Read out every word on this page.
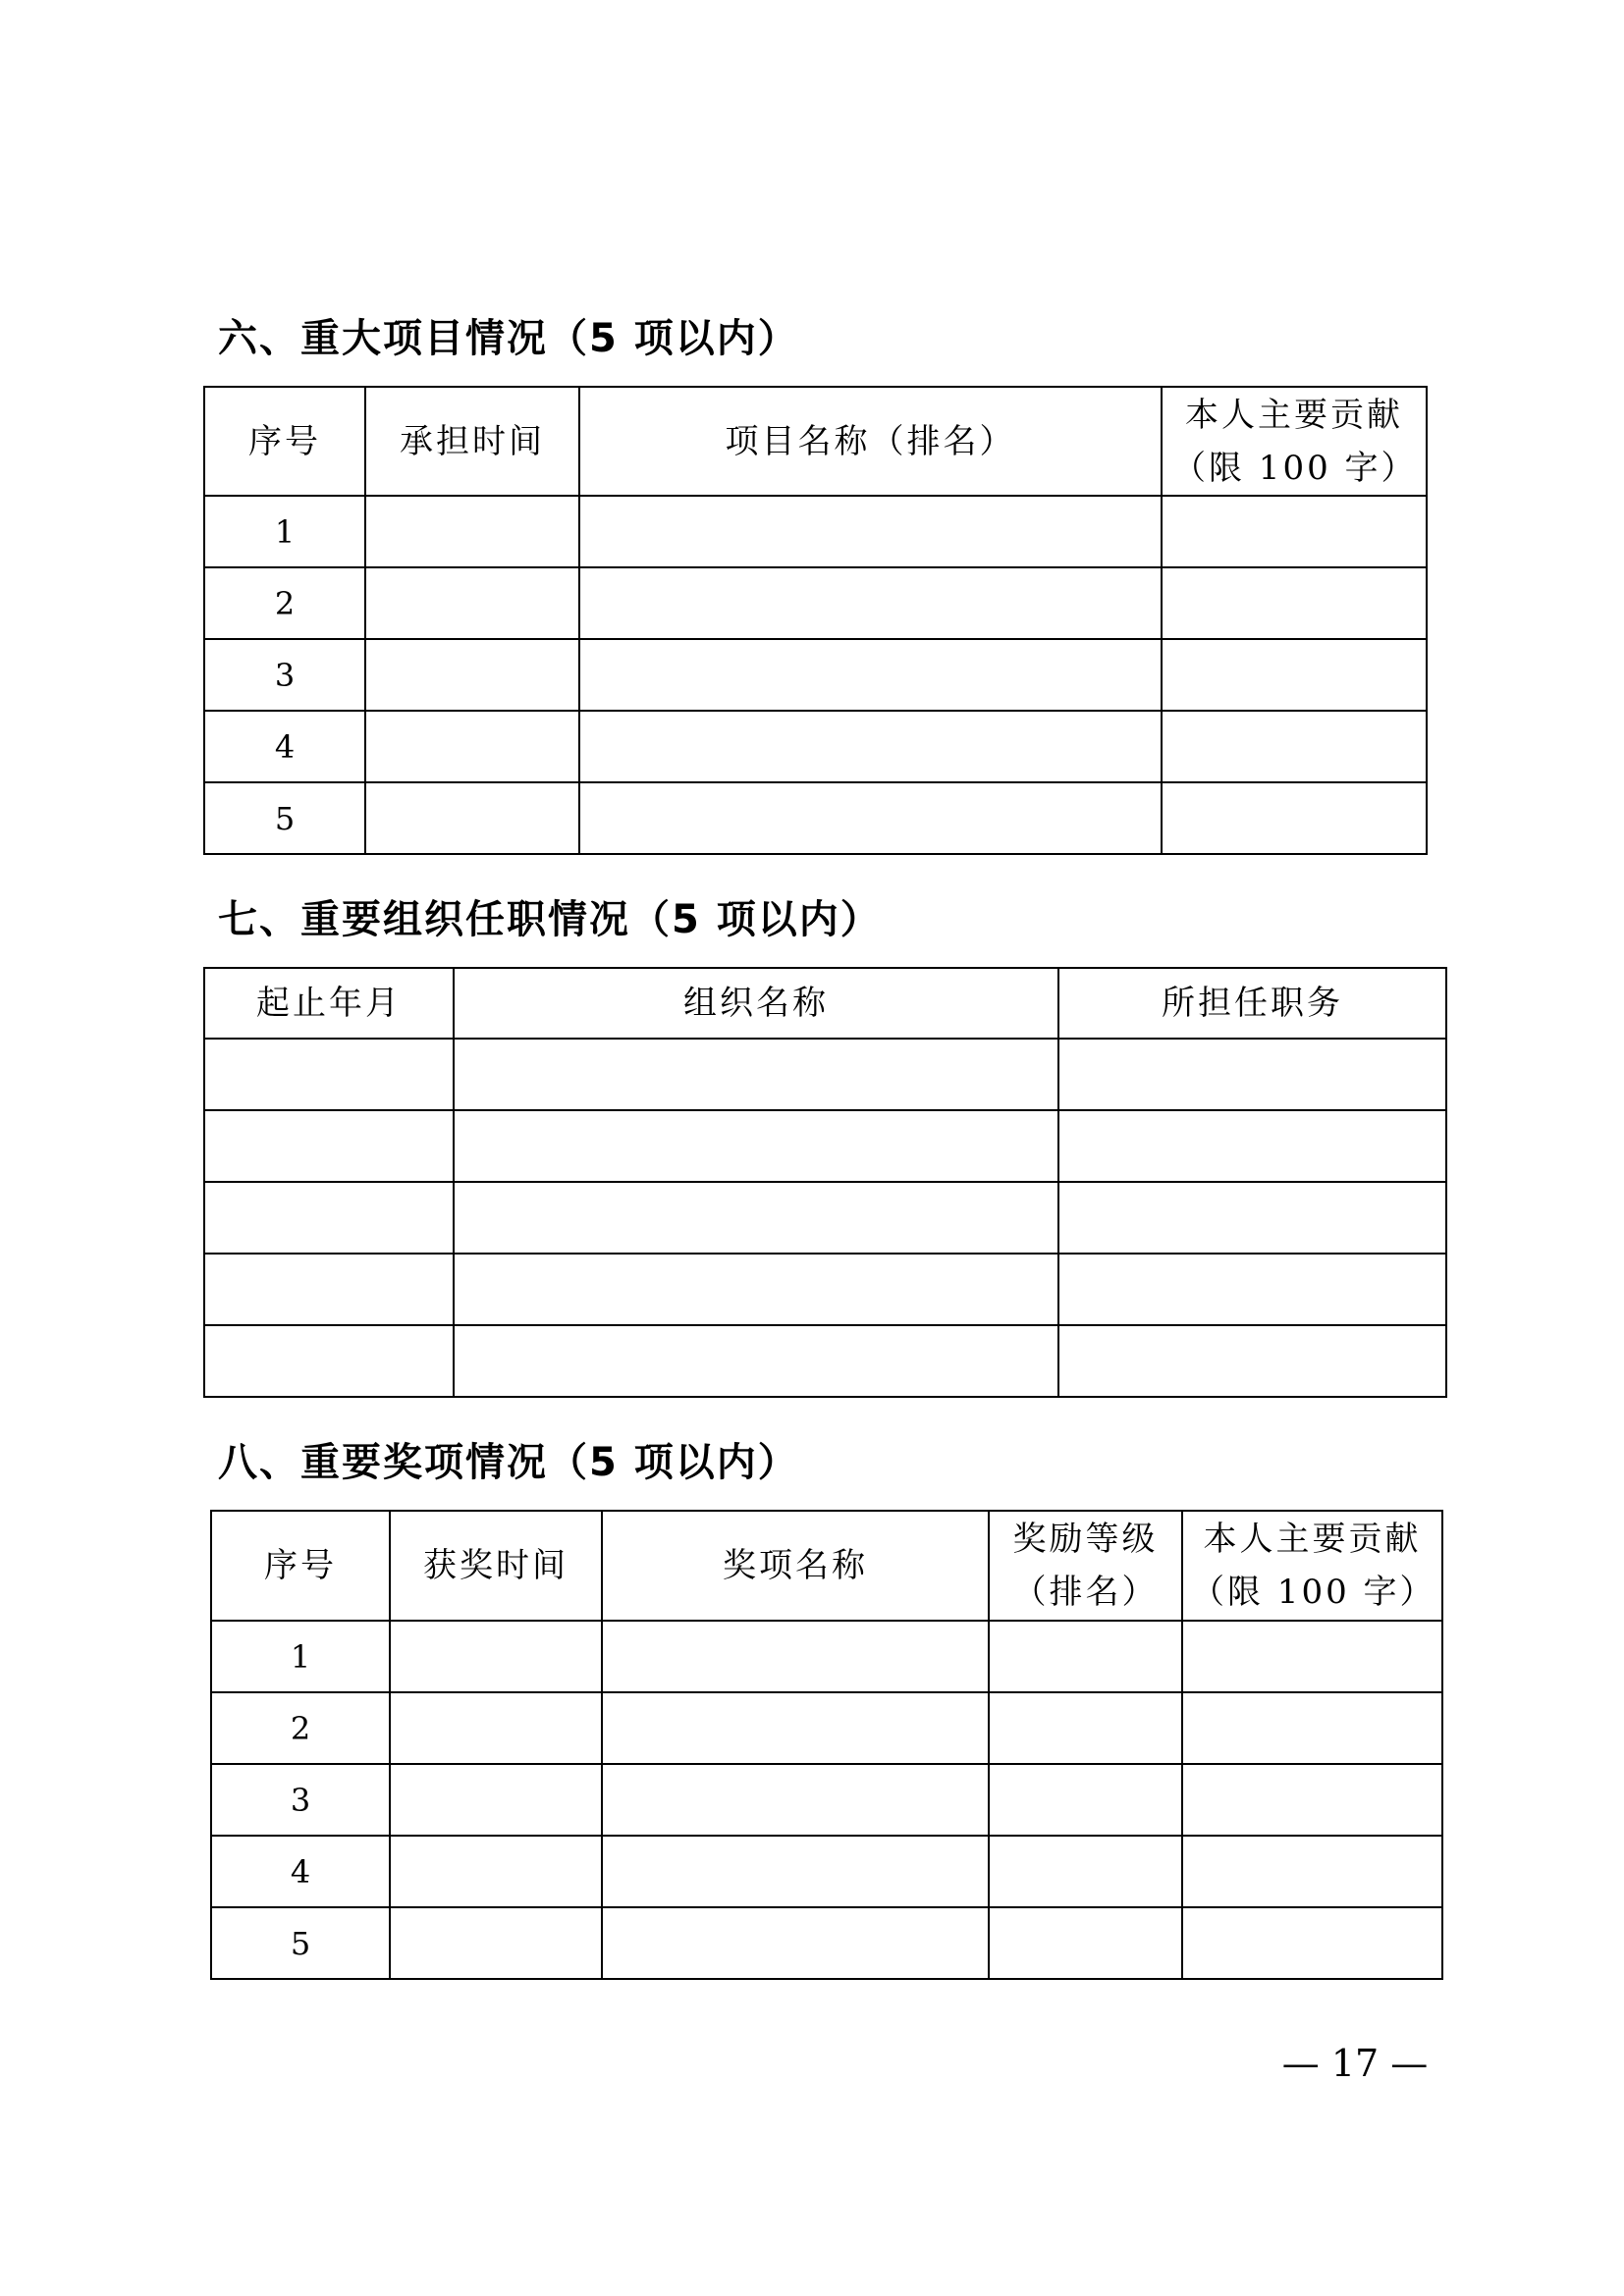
六、重大项目情况（5 项以内）
序号	承担时间	项目名称（排名）	本人主要贡献（限 100 字）
1			
2			
3			
4			
5			
七、重要组织任职情况（5 项以内）
起止年月	组织名称	所担任职务

八、重要奖项情况（5 项以内）
序号	获奖时间	奖项名称	奖励等级（排名）	本人主要贡献（限 100 字）
1				
2				
3				
4				
5				
— 17 —
